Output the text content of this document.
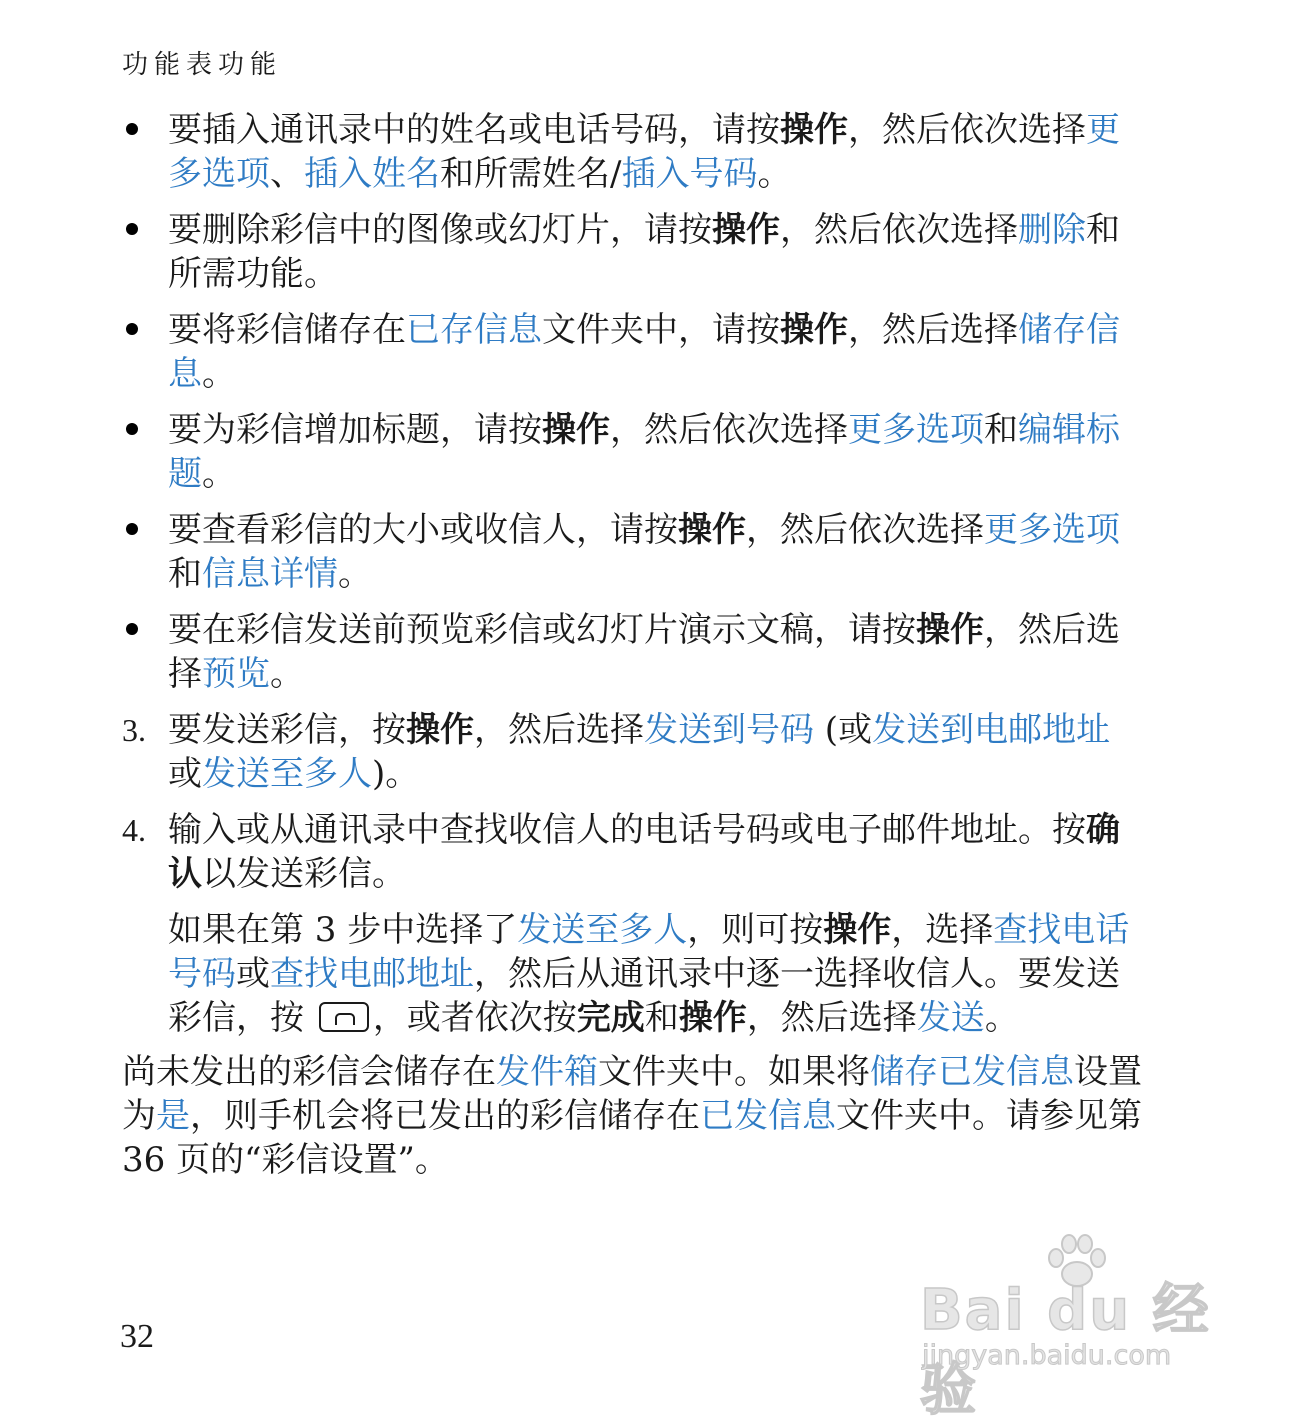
功能表功能
要插入通讯录中的姓名或电话号码，请按操作，然后依次选择更多选项、插入姓名和所需姓名/插入号码。
要删除彩信中的图像或幻灯片，请按操作，然后依次选择删除和所需功能。
要将彩信储存在已存信息文件夹中，请按操作，然后选择储存信息。
要为彩信增加标题，请按操作，然后依次选择更多选项和编辑标题。
要查看彩信的大小或收信人，请按操作，然后依次选择更多选项和信息详情。
要在彩信发送前预览彩信或幻灯片演示文稿，请按操作，然后选择预览。
3. 要发送彩信，按操作，然后选择发送到号码 (或发送到电邮地址或发送至多人)。
4. 输入或从通讯录中查找收信人的电话号码或电子邮件地址。按确认以发送彩信。
如果在第 3 步中选择了发送至多人，则可按操作，选择查找电话号码或查找电邮地址，然后从通讯录中逐一选择收信人。要发送彩信，按 ，或者依次按完成和操作，然后选择发送。
尚未发出的彩信会储存在发件箱文件夹中。如果将储存已发信息设置为是，则手机会将已发出的彩信储存在已发信息文件夹中。请参见第 36 页的“彩信设置”。
32	Bai du 经验
jingyan.baidu.com
